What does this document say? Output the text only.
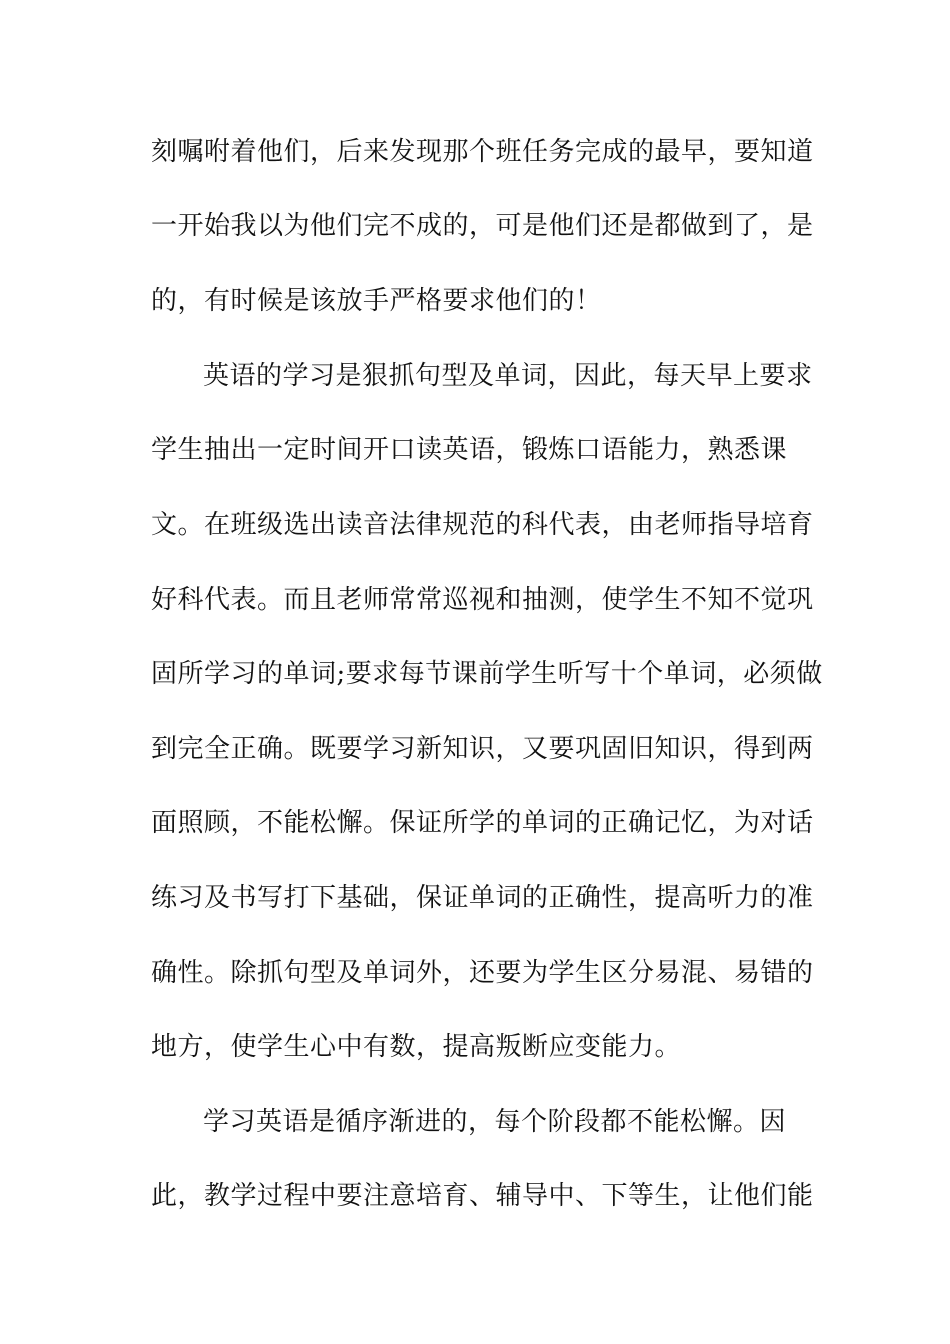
刻嘱咐着他们，后来发现那个班任务完成的最早，要知道
一开始我以为他们完不成的，可是他们还是都做到了，是
的，有时候是该放手严格要求他们的！
英语的学习是狠抓句型及单词，因此，每天早上要求
学生抽出一定时间开口读英语，锻炼口语能力，熟悉课
文。在班级选出读音法律规范的科代表，由老师指导培育
好科代表。而且老师常常巡视和抽测，使学生不知不觉巩
固所学习的单词;要求每节课前学生听写十个单词，必须做
到完全正确。既要学习新知识，又要巩固旧知识，得到两
面照顾，不能松懈。保证所学的单词的正确记忆，为对话
练习及书写打下基础，保证单词的正确性，提高听力的准
确性。除抓句型及单词外，还要为学生区分易混、易错的
地方，使学生心中有数，提高叛断应变能力。
学习英语是循序渐进的，每个阶段都不能松懈。因
此，教学过程中要注意培育、辅导中、下等生，让他们能
